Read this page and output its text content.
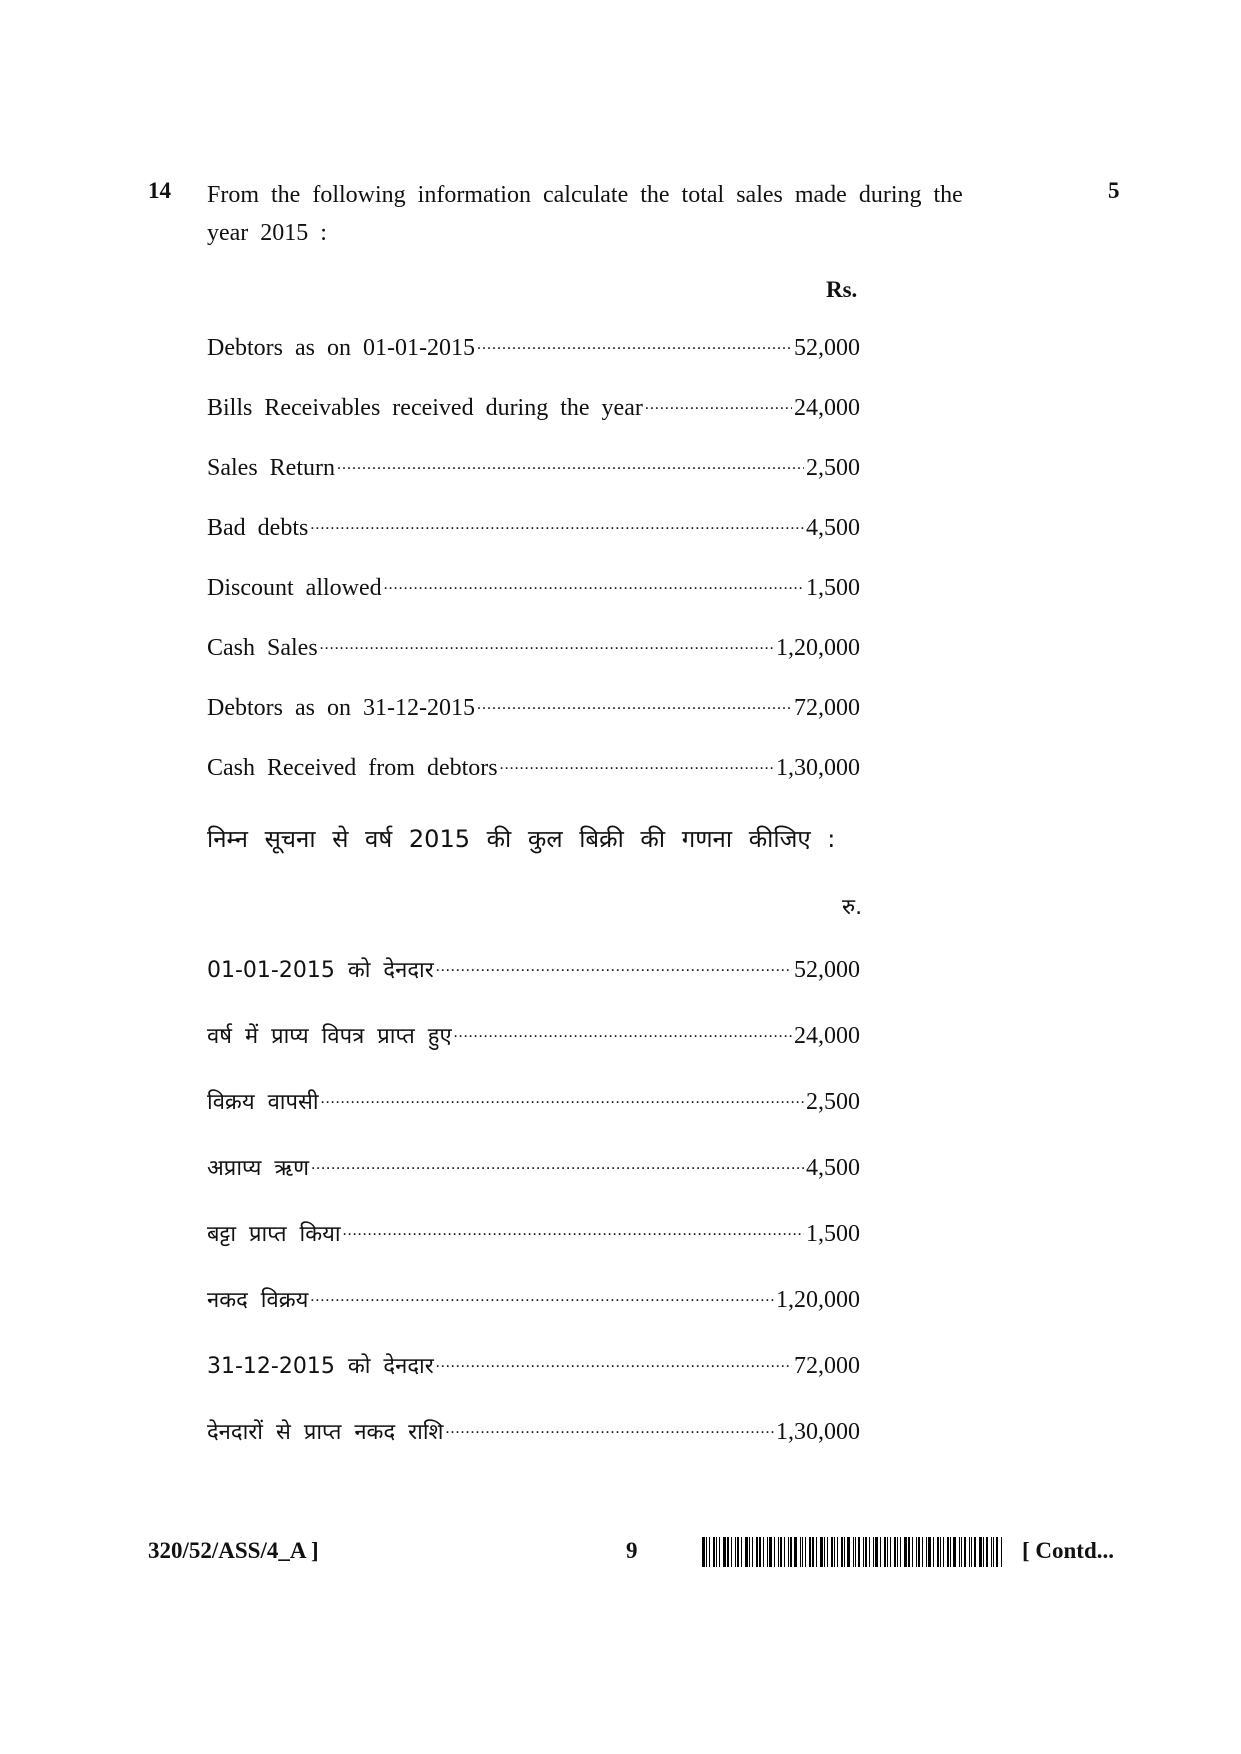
14 From the following information calculate the total sales made during the year 2015 :
5
Rs.
Debtors as on 01-01-2015 .....	52,000
Bills Receivables received during the year .....	24,000
Sales Return .....	2,500
Bad debts .....	4,500
Discount allowed .....	1,500
Cash Sales .....	1,20,000
Debtors as on 31-12-2015 .....	72,000
Cash Received from debtors .....	1,30,000
निम्न सूचना से वर्ष 2015 की कुल बिक्री की गणना कीजिए :
रु.
01-01-2015 को देनदार .....	52,000
वर्ष में प्राप्य विपत्र प्राप्त हुए .....	24,000
विक्रय वापसी .....	2,500
अप्राप्य ऋण .....	4,500
बट्टा प्राप्त किया .....	1,500
नकद विक्रय .....	1,20,000
31-12-2015 को देनदार .....	72,000
देनदारों से प्राप्त नकद राशि .....	1,30,000
320/52/ASS/4_A ]	9	[ Contd...
